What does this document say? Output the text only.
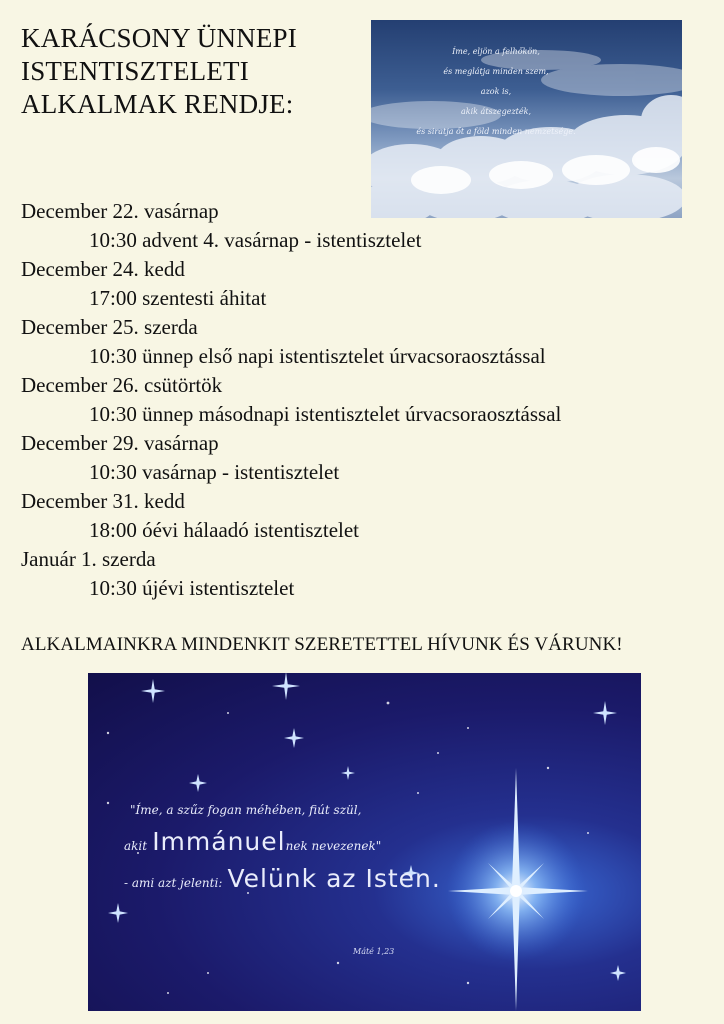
KARÁCSONY ÜNNEPI
ISTENTISZTELETI
ALKALMAK RENDJE:
Íme, eljön a felhőkön,
és meglátja minden szem,
azok is,
akik átszegezték,
és siratja őt a föld minden nemzetsége.
December 22. vasárnap
10:30 advent 4. vasárnap - istentisztelet
December 24. kedd
17:00 szentesti áhitat
December 25. szerda
10:30 ünnep első napi istentisztelet úrvacsoraosztással
December 26. csütörtök
10:30 ünnep másodnapi istentisztelet úrvacsoraosztással
December 29. vasárnap
10:30 vasárnap - istentisztelet
December 31. kedd
18:00 óévi hálaadó istentisztelet
Január 1. szerda
10:30 újévi istentisztelet
ALKALMAINKRA MINDENKIT SZERETETTEL HÍVUNK ÉS VÁRUNK!
"Íme, a szűz fogan méhében, fiút szül,
akit Immánuelnek nevezenek"
- ami azt jelenti: Velünk az Isten.
Máté 1,23
